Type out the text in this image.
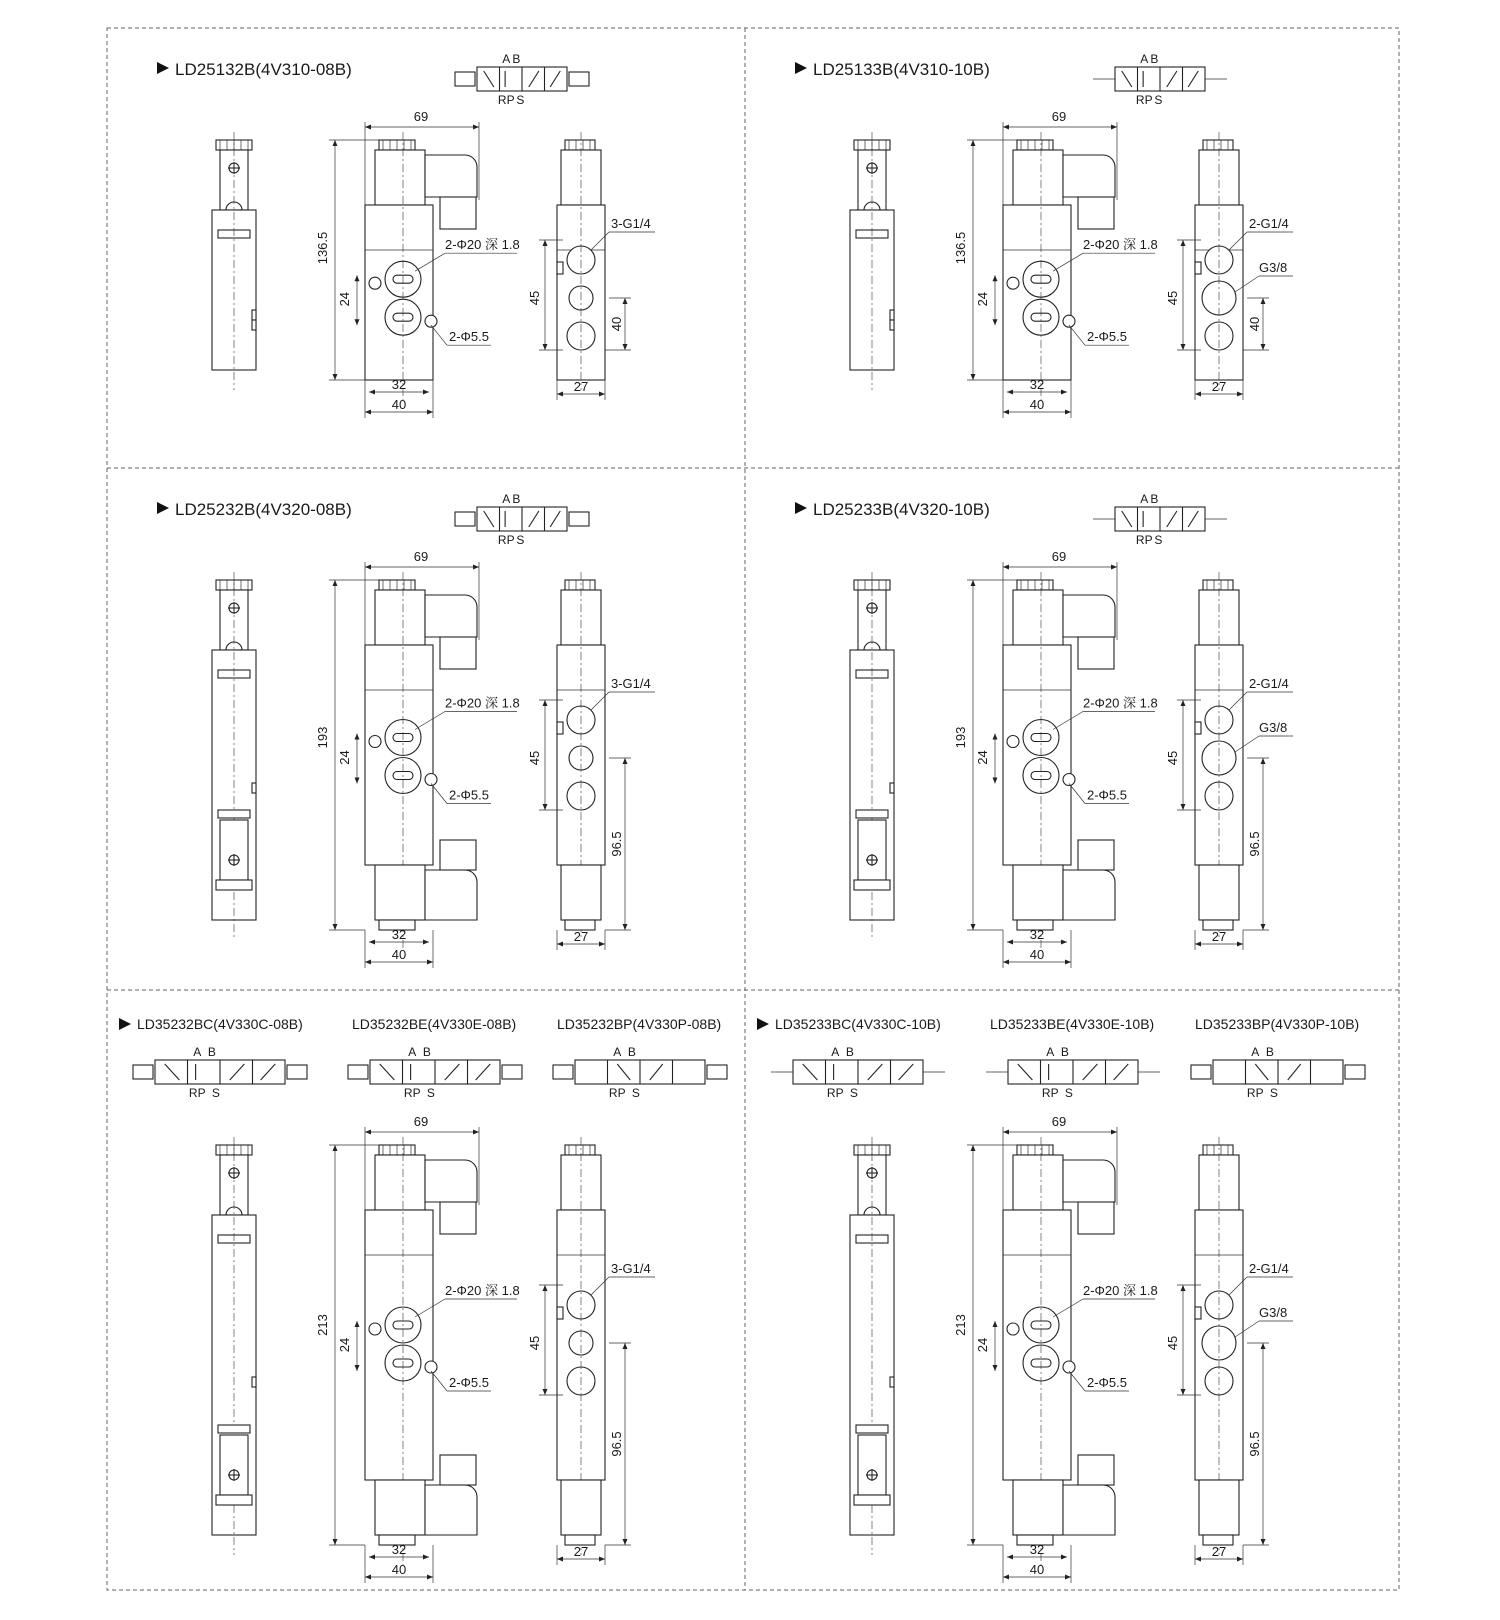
LD25132B(4V310-08B)
A B
RP S
69
136.5
24
32
40
2-Φ20 深 1.8
2-Φ5.5
3-G1/4
45
27
40
LD25133B(4V310-10B)
A B
RP S
69
136.5
24
32
40
2-Φ20 深 1.8
2-Φ5.5
2-G1/4
G3/8
45
27
40
LD25232B(4V320-08B)
A B
RP S
69
193
24
32
40
2-Φ20 深 1.8
2-Φ5.5
3-G1/4
45
27
96.5
LD25233B(4V320-10B)
A B
RP S
69
193
24
32
40
2-Φ20 深 1.8
2-Φ5.5
2-G1/4
G3/8
45
27
96.5
LD35232BC(4V330C-08B)
A B
RP S
LD35232BE(4V330E-08B)
A B
RP S
LD35232BP(4V330P-08B)
A B
RP S
69
213
24
32
40
2-Φ20 深 1.8
2-Φ5.5
3-G1/4
45
27
96.5
LD35233BC(4V330C-10B)
A B
RP S
LD35233BE(4V330E-10B)
A B
RP S
LD35233BP(4V330P-10B)
A B
RP S
69
213
24
32
40
2-Φ20 深 1.8
2-Φ5.5
2-G1/4
G3/8
45
27
96.5
